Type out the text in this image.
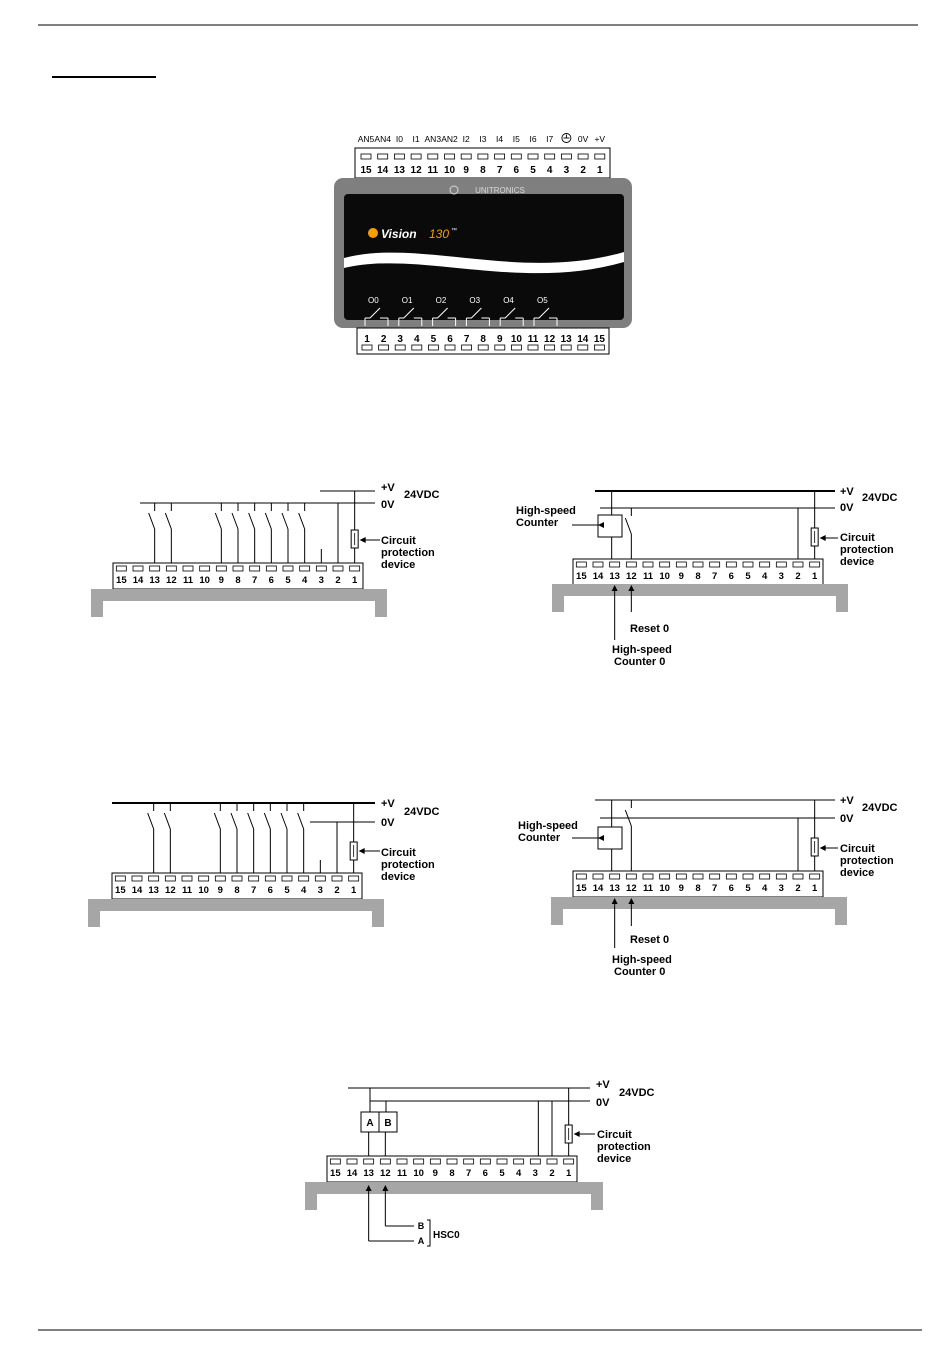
AN5 AN4 I0 I1 AN3 AN2 I2 I3 I4 I5 I6 I7	0V +V
15 14 13 12 11 10 9 8 7 6 5 4 3 2 1
UNITRONICS
Vision 130 ™
O0	O1	O2	O3	O4	O5
1 2 3 4 5 6 7 8 9 10 11 12 13 14 15
15 14 13 12 11 10 9 8 7 6 5 4 3 2 1
+V
0V
24VDC
Circuit
protection
device
15 14 13 12 11 10 9 8 7 6 5 4 3 2 1
+V
0V
24VDC
High-speed
Counter
Circuit
protection
device
Reset 0
High-speed
Counter 0
15 14 13 12 11 10 9 8 7 6 5 4 3 2 1
+V
0V
24VDC
Circuit
protection
device
15 14 13 12 11 10 9 8 7 6 5 4 3 2 1
+V
0V
24VDC
High-speed
Counter
Circuit
protection
device
Reset 0
High-speed
Counter 0
15 14 13 12 11 10 9 8 7 6 5 4 3 2 1
+V
0V
24VDC
A B
Circuit
protection
device
B
A HSC0
